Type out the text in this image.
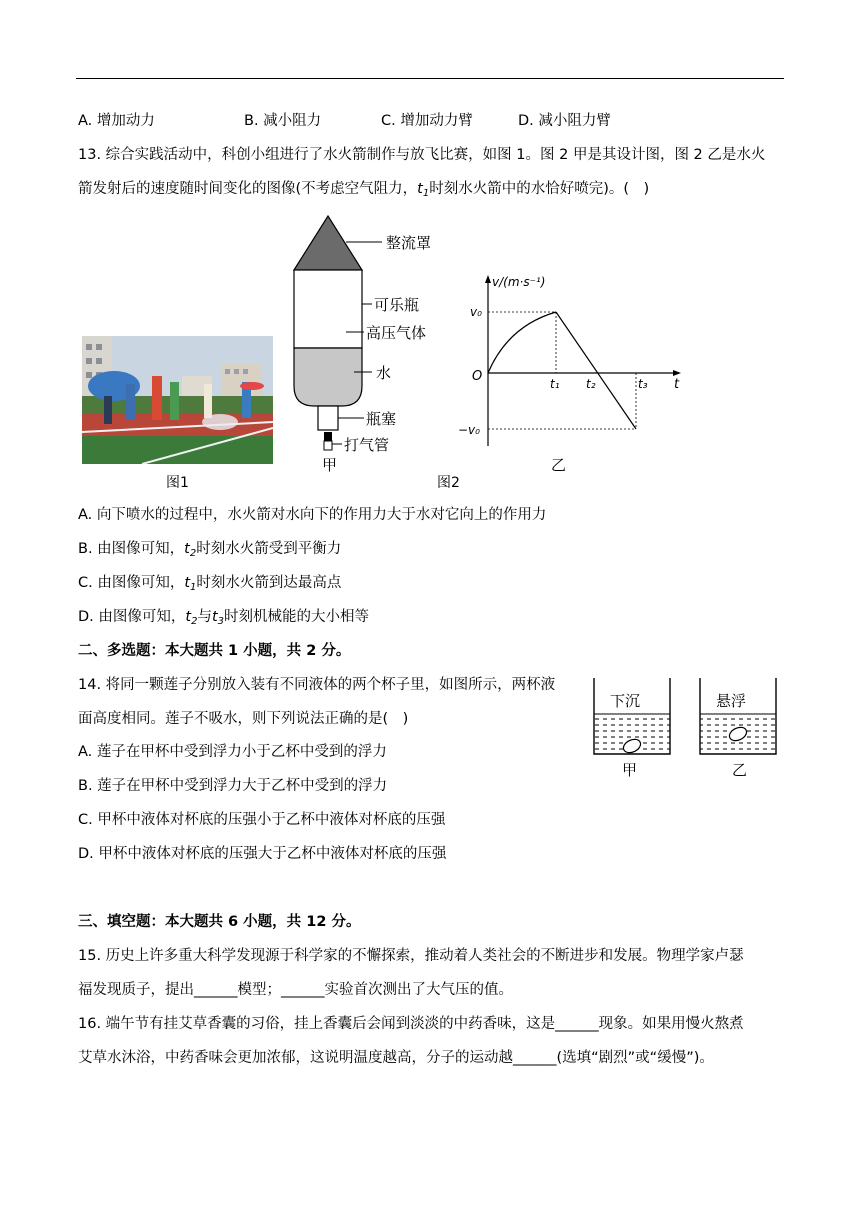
A. 增加动力	B. 减小阻力	C. 增加动力臂	D. 减小阻力臂
13. 综合实践活动中，科创小组进行了水火箭制作与放飞比赛，如图 1。图 2 甲是其设计图，图 2 乙是水火
箭发射后的速度随时间变化的图像(不考虑空气阻力，$t_1$时刻水火箭中的水恰好喷完)。(　)
图1	图2
整流罩
可乐瓶
高压气体
水
瓶塞
打气管
甲
v/(m·s⁻¹)
t
O
v₀
−v₀
t₁ t₂	t₃
乙
A. 向下喷水的过程中，水火箭对水向下的作用力大于水对它向上的作用力
B. 由图像可知，$t_2$时刻水火箭受到平衡力
C. 由图像可知，$t_1$时刻水火箭到达最高点
D. 由图像可知，$t_2$与$t_3$时刻机械能的大小相等
二、多选题：本大题共 1 小题，共 2 分。
14. 将同一颗莲子分别放入装有不同液体的两个杯子里，如图所示，两杯液
面高度相同。莲子不吸水，则下列说法正确的是(　)
A. 莲子在甲杯中受到浮力小于乙杯中受到的浮力
B. 莲子在甲杯中受到浮力大于乙杯中受到的浮力
C. 甲杯中液体对杯底的压强小于乙杯中液体对杯底的压强
D. 甲杯中液体对杯底的压强大于乙杯中液体对杯底的压强
下沉
甲
悬浮
乙
三、填空题：本大题共 6 小题，共 12 分。
15. 历史上许多重大科学发现源于科学家的不懈探索，推动着人类社会的不断进步和发展。物理学家卢瑟
福发现质子，提出______模型；______实验首次测出了大气压的值。
16. 端午节有挂艾草香囊的习俗，挂上香囊后会闻到淡淡的中药香味，这是______现象。如果用慢火熬煮
艾草水沐浴，中药香味会更加浓郁，这说明温度越高，分子的运动越______(选填“剧烈”或“缓慢”)。
